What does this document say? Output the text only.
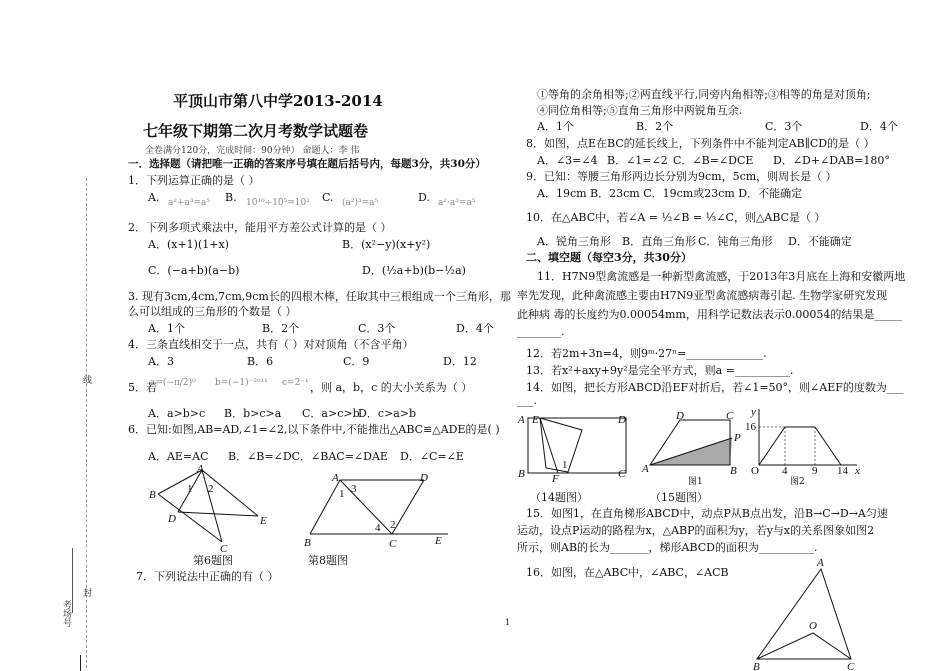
线
封
考场号
平顶山市第八中学2013-2014
七年级下期第二次月考数学试题卷
全卷满分120分，完成时间：90分钟） 命题人：李 伟
一．选择题（请把唯一正确的答案序号填在题后括号内，每题3分，共30分）
1．下列运算正确的是（ ）
A. a²+a³=a⁵ B. 10¹⁰÷10⁵=10² C. (a²)³=a⁵	D. a²·a³=a⁵
2．下列多项式乘法中，能用平方差公式计算的是（ ）
A．(x+1)(1+x)	B．(x²−y)(x+y²)
C．(−a+b)(a−b)	D．(½a+b)(b−½a)
3. 现有3cm,4cm,7cm,9cm长的四根木棒，任取其中三根组成一个三角形，那
么可以组成的三角形的个数是（ ）
A．1个	B．2个	C．3个	D．4个
4．三条直线相交于一点，共有（ ）对对顶角（不含平角）
A．3	B．6	C．9	D．12
5．若
a=(−π/2)⁰ b=(−1)⁻²⁰¹¹ c=2⁻¹ ，则 a，b，c 的大小关系为（ ）
A．a>b>c B．b>c>a C．a>c>b
D．c>a>b
6．已知:如图,AB=AD,∠1=∠2,以下条件中,不能推出△ABC≌△ADE的是( )
A．AE=AC B．∠B=∠DC．∠BAC=∠DAE D．∠C=∠E
A
B
C
D	E
1 2
第6题图
A	D
B	C	E
1 3
4 2
第8题图
7．下列说法中正确的有（ ）
①等角的余角相等;②两直线平行,同旁内角相等;③相等的角是对顶角;
④同位角相等;⑤直角三角形中两锐角互余.
A．1个	B．2个	C．3个	D．4个
8．如图，点E在BC的延长线上，下列条件中不能判定AB∥CD的是（ ）
A．∠3=∠4 B．∠1=∠2 C．∠B=∠DCE D．∠D+∠DAB=180°
9．已知：等腰三角形两边长分别为9cm，5cm，则周长是（ ）
A．19cm B．23cm C．19cm或23cm D．不能确定
10．在△ABC中，若∠A = ½∠B = ⅓∠C，则△ABC是（ ）
A．锐角三角形 B．直角三角形 C．钝角三角形 D．不能确定
二、填空题（每空3分，共30分）
11．H7N9型禽流感是一种新型禽流感，于2013年3月底在上海和安徽两地
率先发现，此种禽流感主要由H7N9亚型禽流感病毒引起. 生物学家研究发现
此种病 毒的长度约为0.00054mm，用科学记数法表示0.00054的结果是_____
________.
12．若2m+3n=4，则9ᵐ·27ⁿ=______________.
13．若x²+axy+9y²是完全平方式，则a =__________.
14．如图，把长方形ABCD沿EF对折后，若∠1=50°，则∠AEF的度数为___
___.
A E	D
B F	C
1
（14题图）
D	C
P
A	B
图1
（15题图）
y
16
O 4 9 14 x
图2
15．如图1，在直角梯形ABCD中，动点P从B点出发，沿B→C→D→A匀速
运动，设点P运动的路程为x，△ABP的面积为y，若y与x的关系图象如图2
所示，则AB的长为_______，梯形ABCD的面积为__________.
16．如图，在△ABC中，∠ABC，∠ACB
A
O
B	C
1
